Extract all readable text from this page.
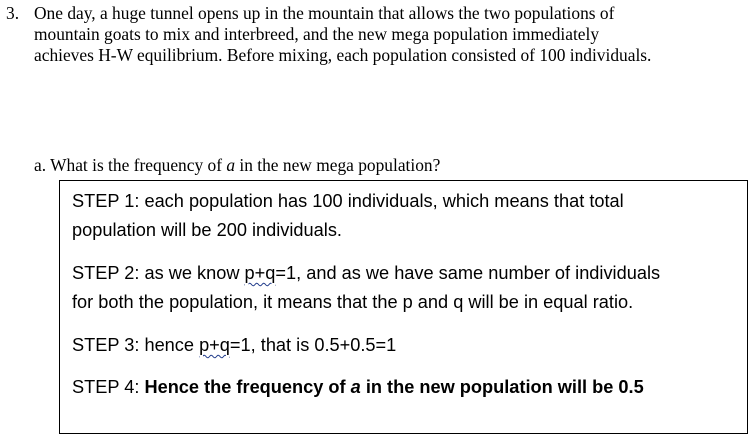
3. One day, a huge tunnel opens up in the mountain that allows the two populations of
mountain goats to mix and interbreed, and the new mega population immediately
achieves H-W equilibrium. Before mixing, each population consisted of 100 individuals.
a. What is the frequency of a in the new mega population?
STEP 1: each population has 100 individuals, which means that total
population will be 200 individuals.
STEP 2: as we know p+q=1, and as we have same number of individuals
for both the population, it means that the p and q will be in equal ratio.
STEP 3: hence p+q=1, that is 0.5+0.5=1
STEP 4: Hence the frequency of a in the new population will be 0.5
